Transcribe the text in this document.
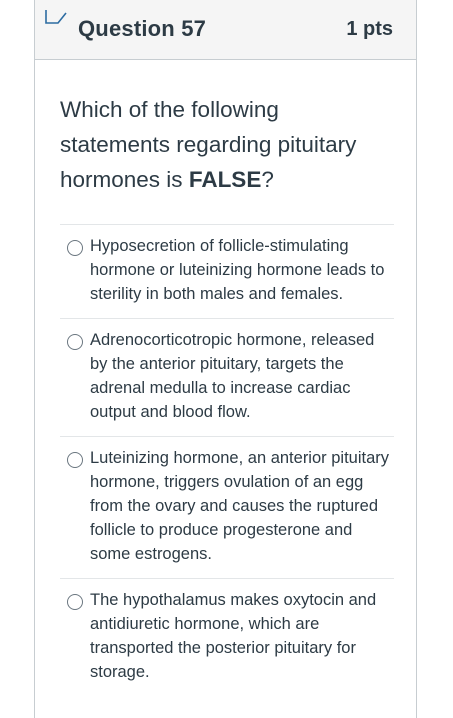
Question 57	1 pts
Which of the following statements regarding pituitary hormones is FALSE?
Hyposecretion of follicle-stimulating hormone or luteinizing hormone leads to sterility in both males and females.
Adrenocorticotropic hormone, released by the anterior pituitary, targets the adrenal medulla to increase cardiac output and blood flow.
Luteinizing hormone, an anterior pituitary hormone, triggers ovulation of an egg from the ovary and causes the ruptured follicle to produce progesterone and some estrogens.
The hypothalamus makes oxytocin and antidiuretic hormone, which are transported the posterior pituitary for storage.
